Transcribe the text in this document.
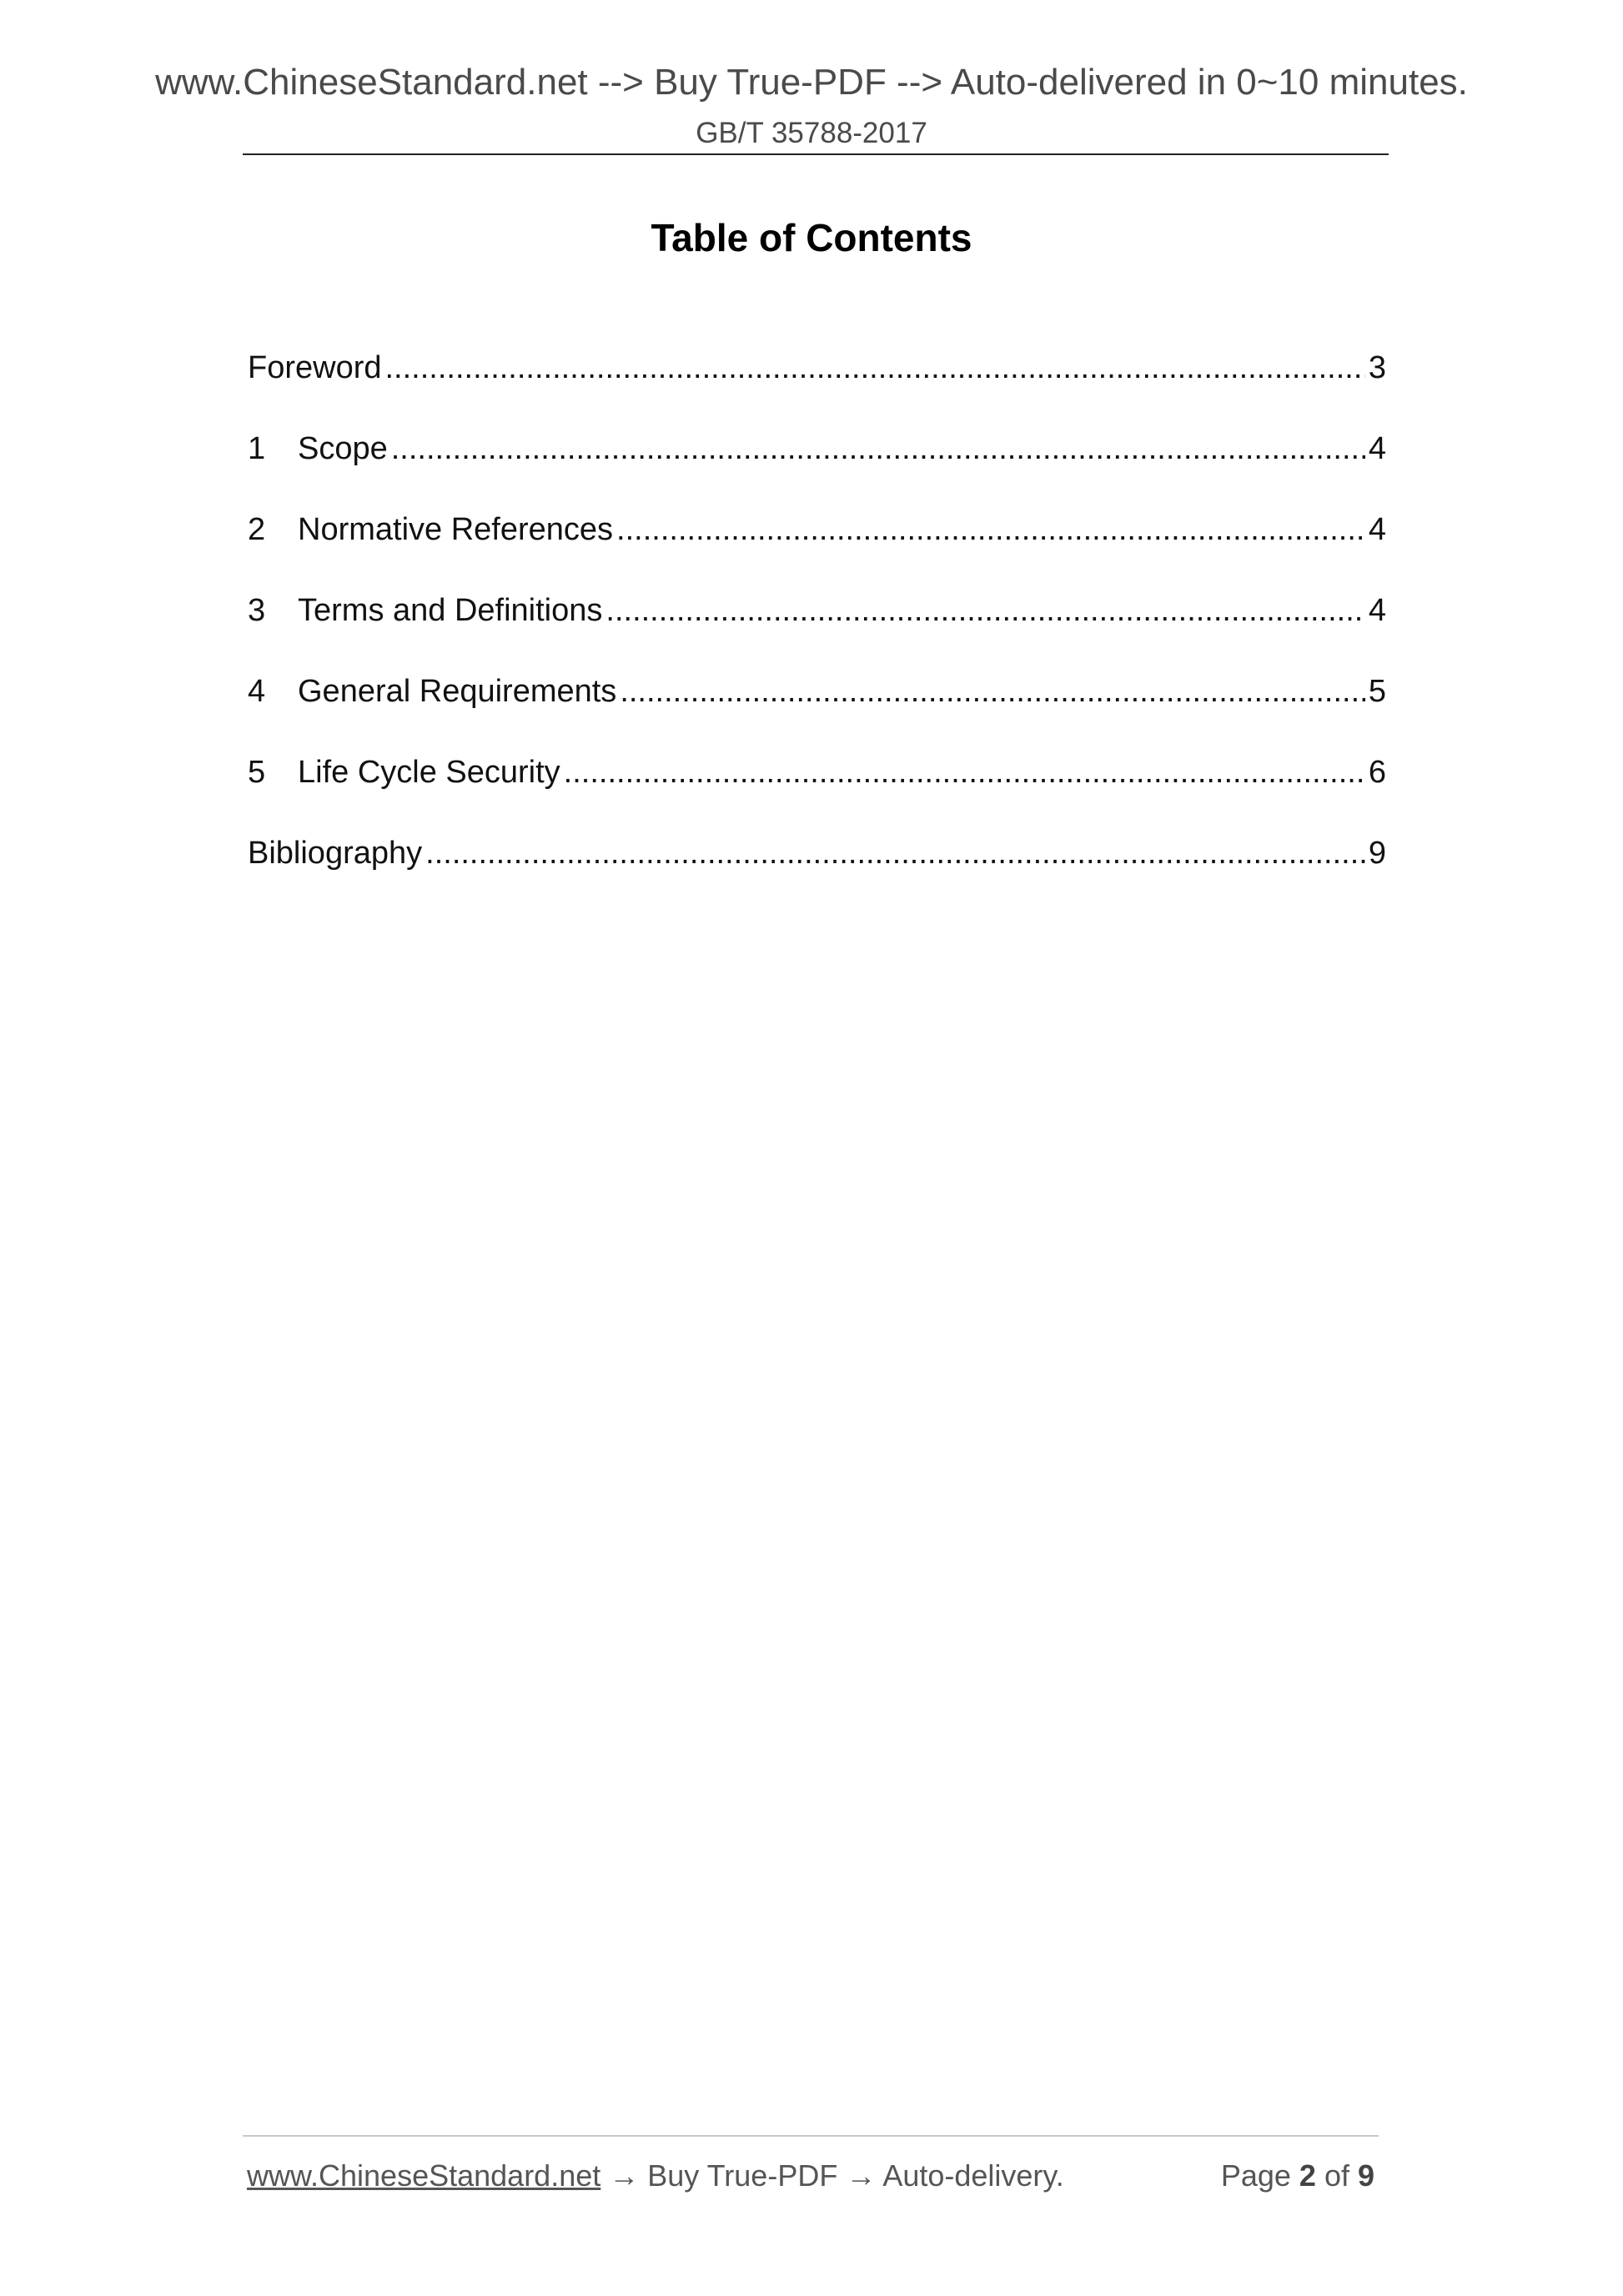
www.ChineseStandard.net --> Buy True-PDF --> Auto-delivered in 0~10 minutes.
GB/T 35788-2017
Table of Contents
Foreword .....	3
1	Scope .....	4
2	Normative References .....	4
3	Terms and Definitions .....	4
4	General Requirements .....	5
5	Life Cycle Security .....	6
Bibliography .....	9
www.ChineseStandard.net → Buy True-PDF → Auto-delivery.	Page 2 of 9
